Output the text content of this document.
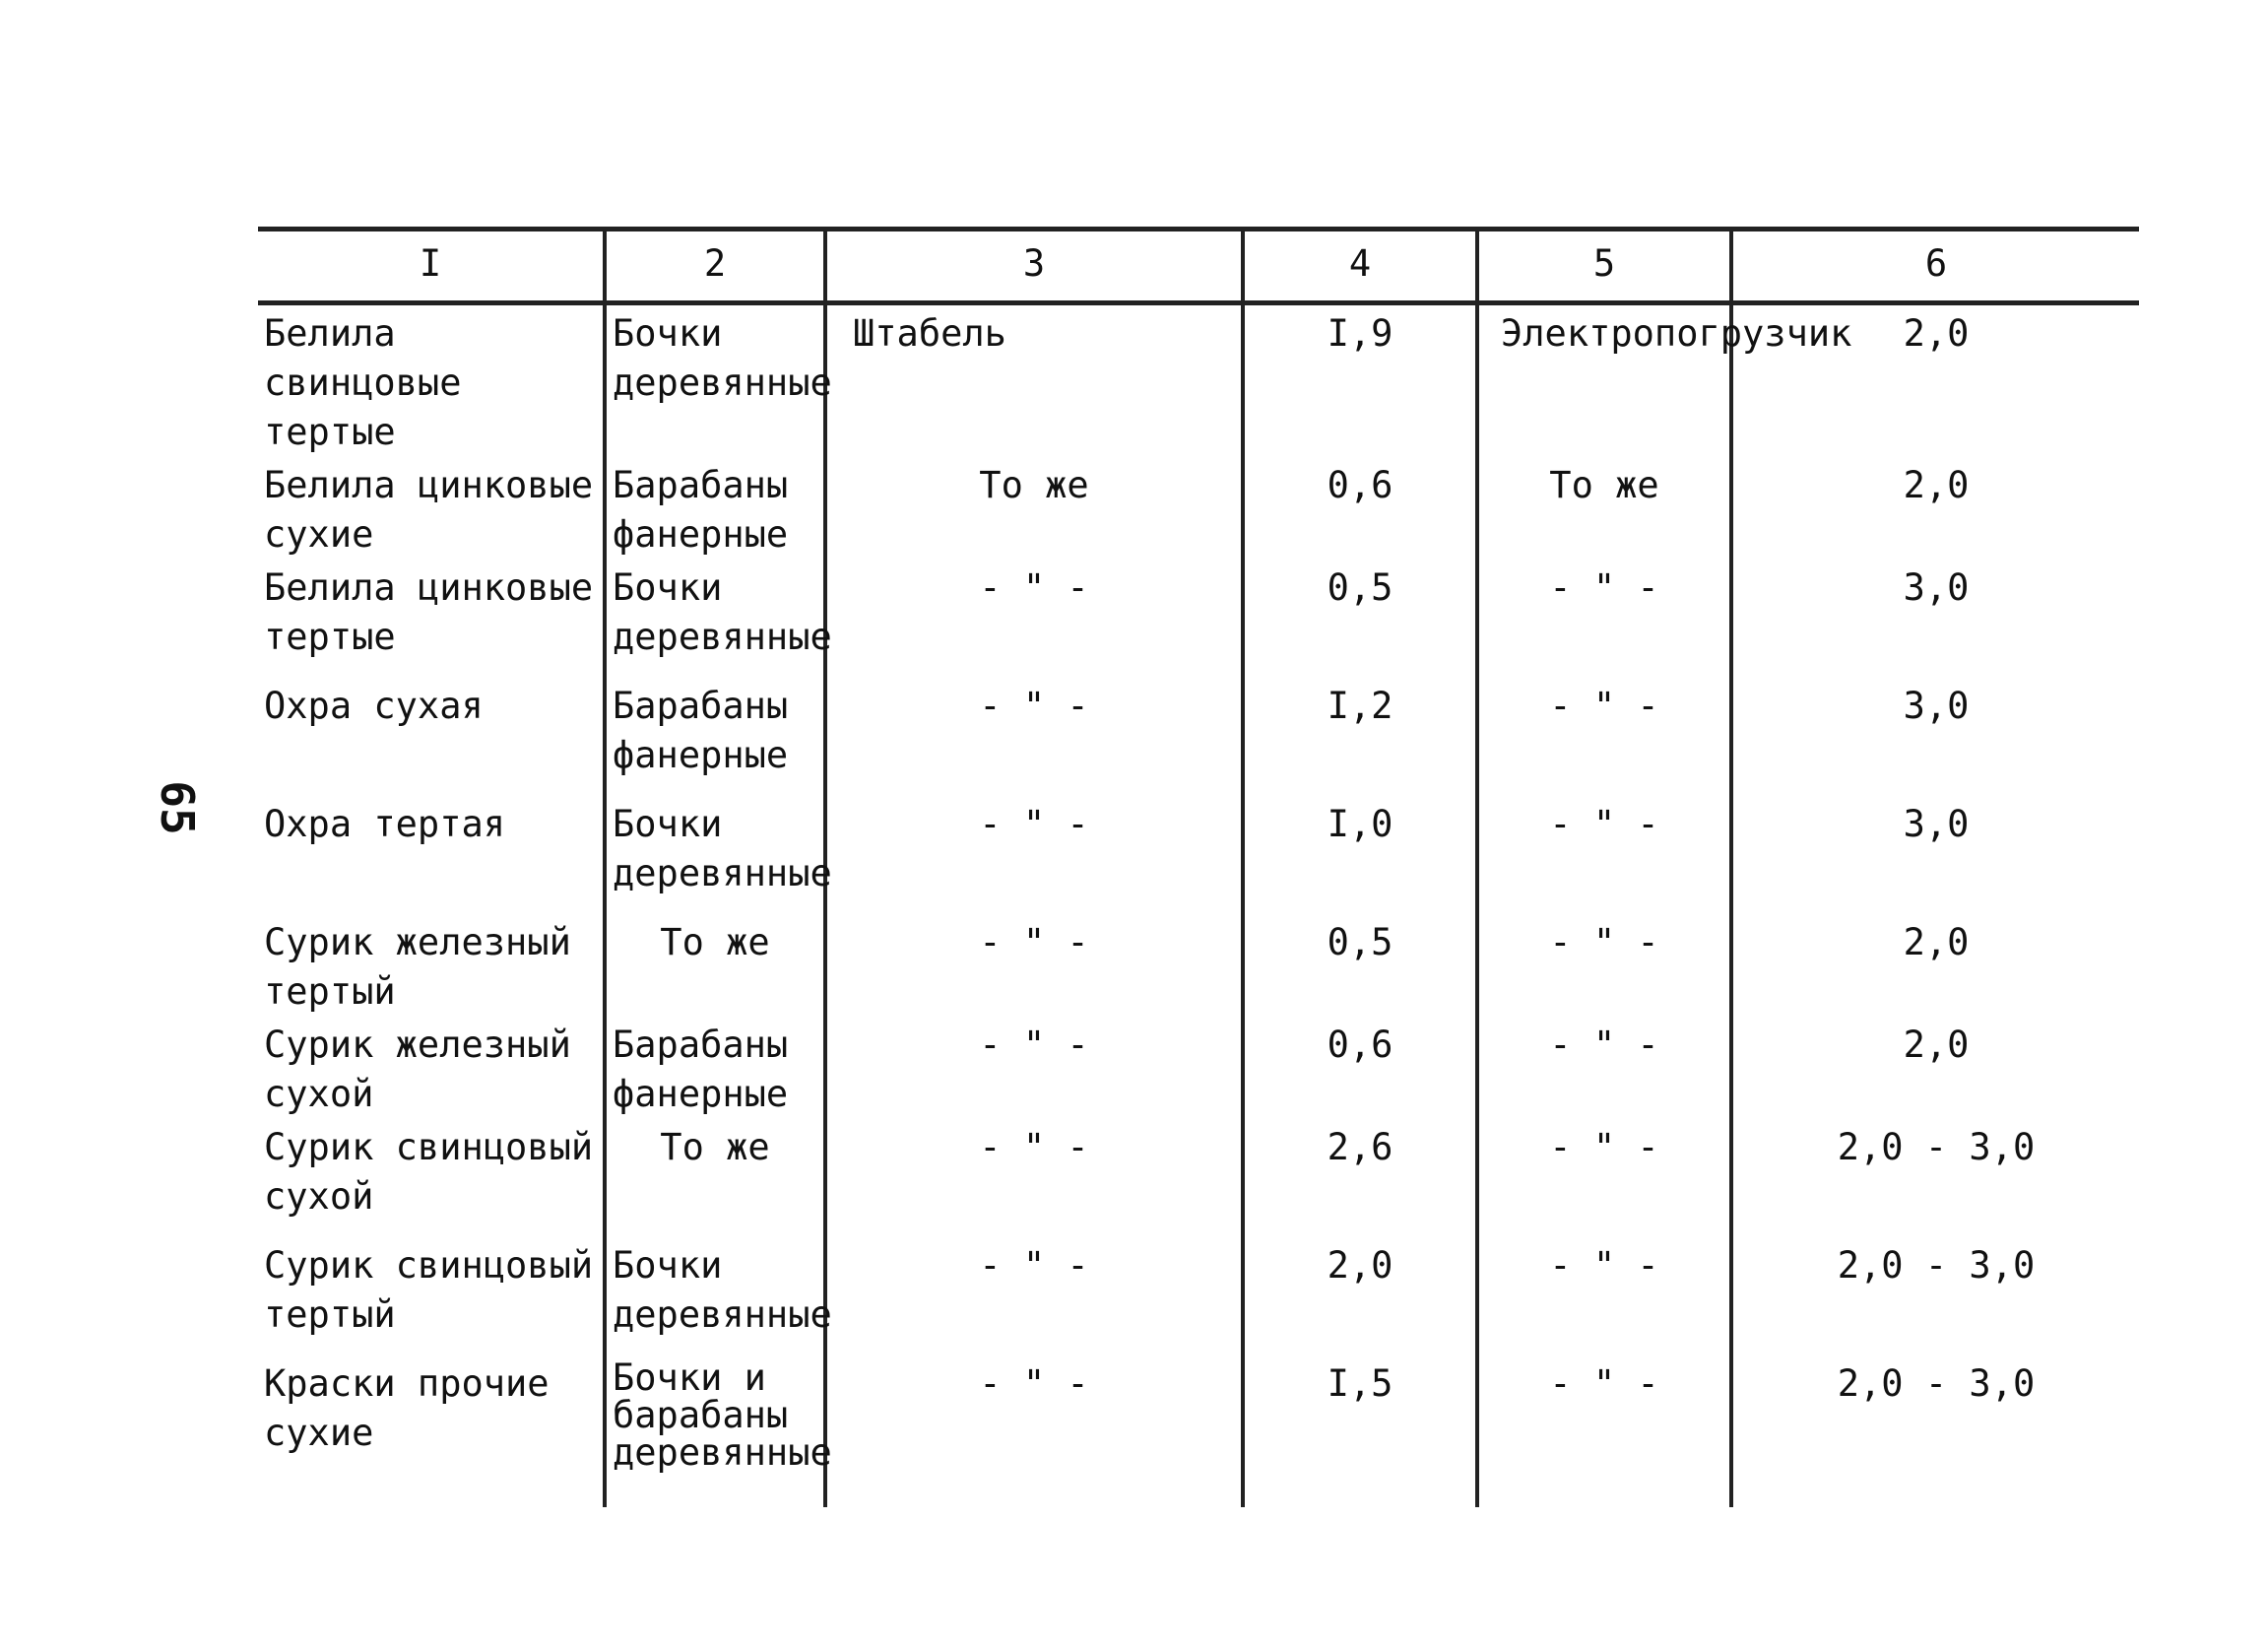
65
I	2	3	4	5	6
Белила свинцовые тертые	Бочки деревянные	Штабель	I,9	Электропогрузчик	2,0
Белила цинковые сухие	Барабаны фанерные	То же	0,6	То же	2,0
Белила цинковые тертые	Бочки деревянные	- " -	0,5	- " -	3,0
Охра сухая	Барабаны фанерные	- " -	I,2	- " -	3,0
Охра тертая	Бочки деревянные	- " -	I,0	- " -	3,0
Сурик железный тертый	То же	- " -	0,5	- " -	2,0
Сурик железный сухой	Барабаны фанерные	- " -	0,6	- " -	2,0
Сурик свинцовый сухой	То же	- " -	2,6	- " -	2,0 - 3,0
Сурик свинцовый тертый	Бочки деревянные	- " -	2,0	- " -	2,0 - 3,0
Краски прочие сухие	Бочки и барабаны деревянные	- " -	I,5	- " -	2,0 - 3,0
